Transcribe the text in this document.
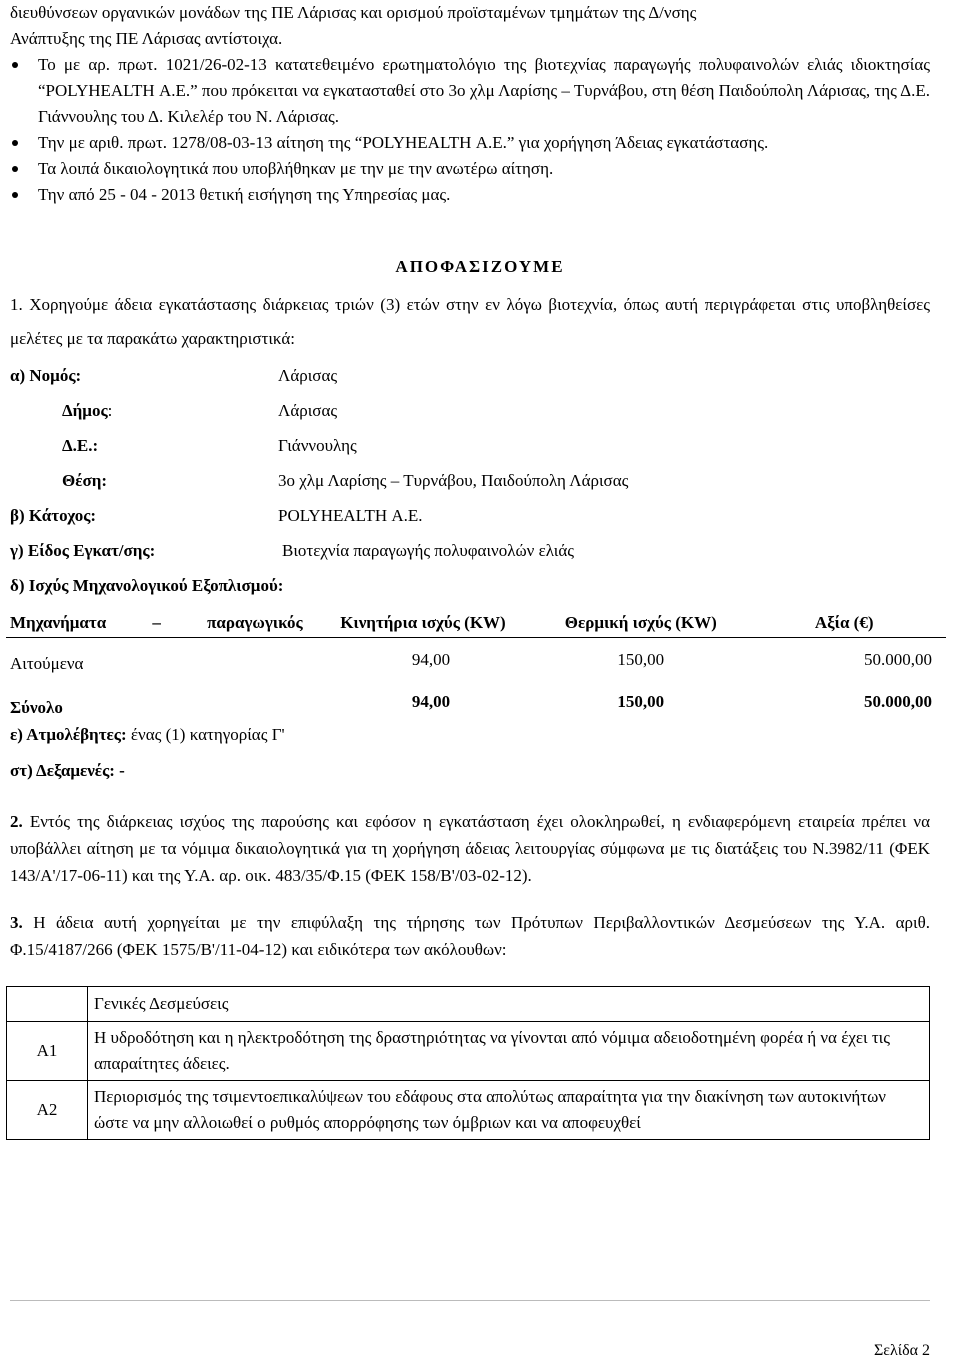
διευθύνσεων οργανικών μονάδων της ΠΕ Λάρισας και ορισμού προϊσταμένων τμημάτων της Δ/νσης
Ανάπτυξης της ΠΕ Λάρισας αντίστοιχα.
Το με αρ. πρωτ. 1021/26-02-13 κατατεθειμένο ερωτηματολόγιο της βιοτεχνίας παραγωγής πολυφαινολών ελιάς ιδιοκτησίας “POLYHEALTH Α.Ε.” που πρόκειται να εγκατασταθεί στο 3ο χλμ Λαρίσης – Τυρνάβου, στη θέση Παιδούπολη Λάρισας, της Δ.Ε. Γιάννουλης του Δ. Κιλελέρ του Ν. Λάρισας.
Την με αριθ. πρωτ. 1278/08-03-13 αίτηση της “POLYHEALTH Α.Ε.” για χορήγηση Άδειας εγκατάστασης.
Τα λοιπά δικαιολογητικά που υποβλήθηκαν με την με την ανωτέρω αίτηση.
Την από 25 - 04 - 2013 θετική εισήγηση της Υπηρεσίας μας.
ΑΠΟΦΑΣΙΖΟΥΜΕ
1. Χορηγούμε άδεια εγκατάστασης διάρκειας τριών (3) ετών στην εν λόγω βιοτεχνία, όπως αυτή περιγράφεται στις υποβληθείσες μελέτες με τα παρακάτω χαρακτηριστικά:
α) Νομός:	Λάρισας
Δήμος:	Λάρισας
Δ.Ε.:	Γιάννουλης
Θέση:	3ο χλμ Λαρίσης – Τυρνάβου, Παιδούπολη Λάρισας
β) Κάτοχος:	POLYHEALTH Α.Ε.
γ) Είδος Εγκατ/σης:	Βιοτεχνία παραγωγής πολυφαινολών ελιάς
δ) Ισχύς Μηχανολογικού Εξοπλισμού:
Μηχανήματα – παραγωγικός	Κινητήρια ισχύς (KW)	Θερμική ισχύς (KW)	Αξία (€)
Αιτούμενα	94,00	150,00	50.000,00
Σύνολο	94,00	150,00	50.000,00
ε) Ατμολέβητες: ένας (1) κατηγορίας Γ'
στ) Δεξαμενές: -
2. Εντός της διάρκειας ισχύος της παρούσης και εφόσον η εγκατάσταση έχει ολοκληρωθεί, η ενδιαφερόμενη εταιρεία πρέπει να υποβάλλει αίτηση με τα νόμιμα δικαιολογητικά για τη χορήγηση άδειας λειτουργίας σύμφωνα με τις διατάξεις του Ν.3982/11 (ΦΕΚ 143/Α'/17-06-11) και της Υ.Α. αρ. οικ. 483/35/Φ.15 (ΦΕΚ 158/Β'/03-02-12).
3. Η άδεια αυτή χορηγείται με την επιφύλαξη της τήρησης των Πρότυπων Περιβαλλοντικών Δεσμεύσεων της Υ.Α. αριθ. Φ.15/4187/266 (ΦΕΚ 1575/Β'/11-04-12) και ειδικότερα των ακόλουθων:
	Γενικές Δεσμεύσεις
Α1	Η υδροδότηση και η ηλεκτροδότηση της δραστηριότητας να γίνονται από νόμιμα αδειοδοτημένη φορέα ή να έχει τις απαραίτητες άδειες.
Α2	Περιορισμός της τσιμεντοεπικαλύψεων του εδάφους στα απολύτως απαραίτητα για την διακίνηση των αυτοκινήτων ώστε να μην αλλοιωθεί ο ρυθμός απορρόφησης των όμβριων και να αποφευχθεί
Σελίδα 2
